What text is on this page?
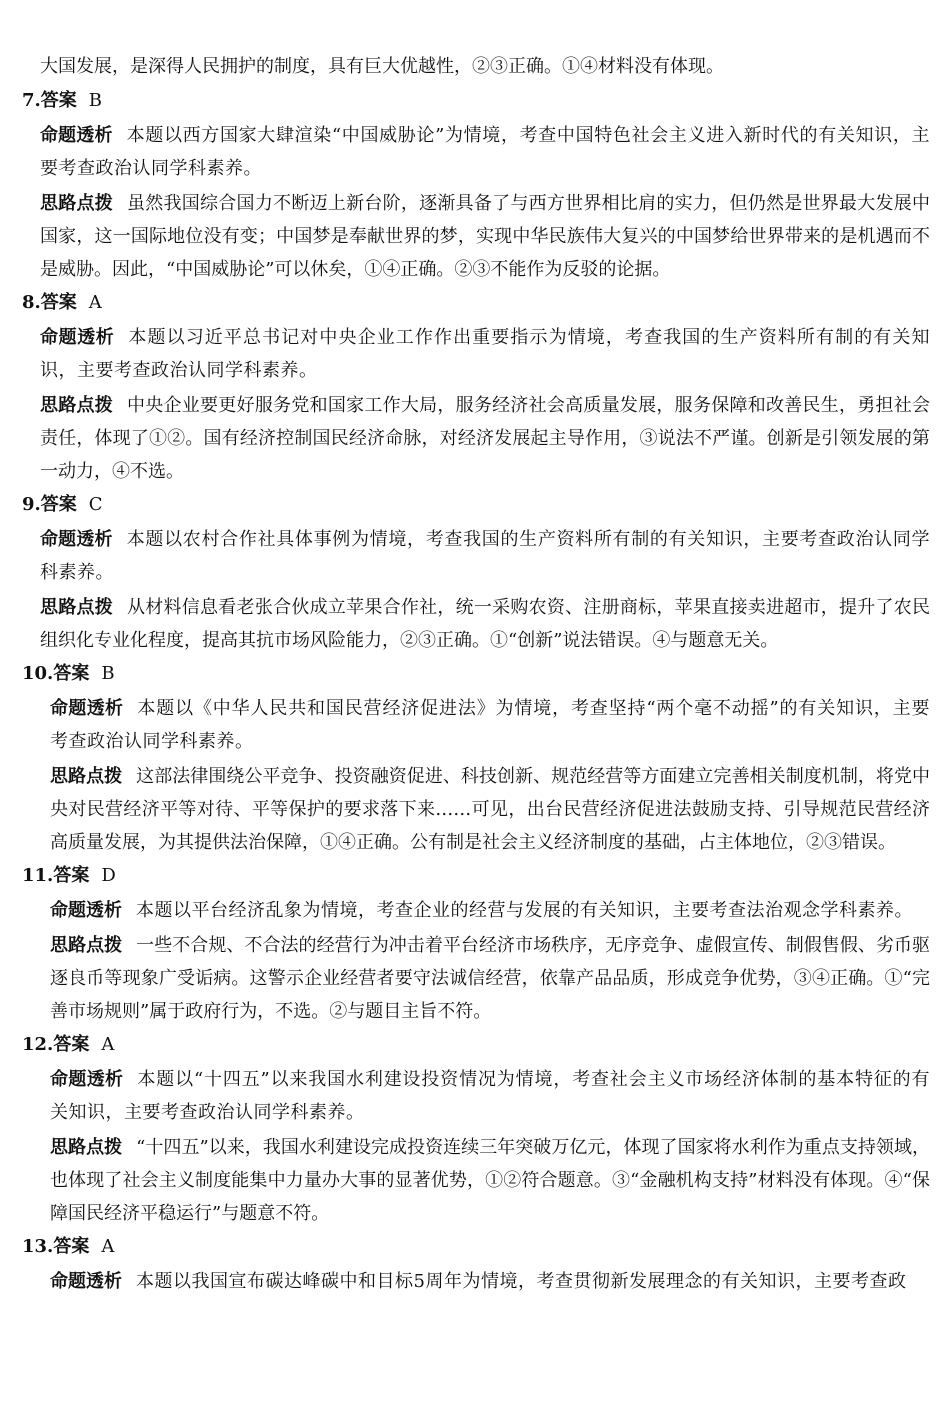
大国发展，是深得人民拥护的制度，具有巨大优越性，②③正确。①④材料没有体现。

7.答案 B

命题透析 本题以西方国家大肆渲染“中国威胁论”为情境，考查中国特色社会主义进入新时代的有关知识，主要考查政治认同学科素养。

思路点拨 虽然我国综合国力不断迈上新台阶，逐渐具备了与西方世界相比肩的实力，但仍然是世界最大发展中国家，这一国际地位没有变；中国梦是奉献世界的梦，实现中华民族伟大复兴的中国梦给世界带来的是机遇而不是威胁。因此，“中国威胁论”可以休矣，①④正确。②③不能作为反驳的论据。

8.答案 A

命题透析 本题以习近平总书记对中央企业工作作出重要指示为情境，考查我国的生产资料所有制的有关知识，主要考查政治认同学科素养。

思路点拨 中央企业要更好服务党和国家工作大局，服务经济社会高质量发展，服务保障和改善民生，勇担社会责任，体现了①②。国有经济控制国民经济命脉，对经济发展起主导作用，③说法不严谨。创新是引领发展的第一动力，④不选。

9.答案 C

命题透析 本题以农村合作社具体事例为情境，考查我国的生产资料所有制的有关知识，主要考查政治认同学科素养。

思路点拨 从材料信息看老张合伙成立苹果合作社，统一采购农资、注册商标，苹果直接卖进超市，提升了农民组织化专业化程度，提高其抗市场风险能力，②③正确。①“创新”说法错误。④与题意无关。

10.答案 B

命题透析 本题以《中华人民共和国民营经济促进法》为情境，考查坚持“两个毫不动摇”的有关知识，主要考查政治认同学科素养。

思路点拨 这部法律围绕公平竞争、投资融资促进、科技创新、规范经营等方面建立完善相关制度机制，将党中央对民营经济平等对待、平等保护的要求落下来……可见，出台民营经济促进法鼓励支持、引导规范民营经济高质量发展，为其提供法治保障，①④正确。公有制是社会主义经济制度的基础，占主体地位，②③错误。

11.答案 D

命题透析 本题以平台经济乱象为情境，考查企业的经营与发展的有关知识，主要考查法治观念学科素养。

思路点拨 一些不合规、不合法的经营行为冲击着平台经济市场秩序，无序竞争、虚假宣传、制假售假、劣币驱逐良币等现象广受诟病。这警示企业经营者要守法诚信经营，依靠产品品质，形成竞争优势，③④正确。①“完善市场规则”属于政府行为，不选。②与题目主旨不符。

12.答案 A

命题透析 本题以“十四五”以来我国水利建设投资情况为情境，考查社会主义市场经济体制的基本特征的有关知识，主要考查政治认同学科素养。

思路点拨 “十四五”以来，我国水利建设完成投资连续三年突破万亿元，体现了国家将水利作为重点支持领域，也体现了社会主义制度能集中力量办大事的显著优势，①②符合题意。③“金融机构支持”材料没有体现。④“保障国民经济平稳运行”与题意不符。

13.答案 A

命题透析 本题以我国宣布碳达峰碳中和目标5周年为情境，考查贯彻新发展理念的有关知识，主要考查政
